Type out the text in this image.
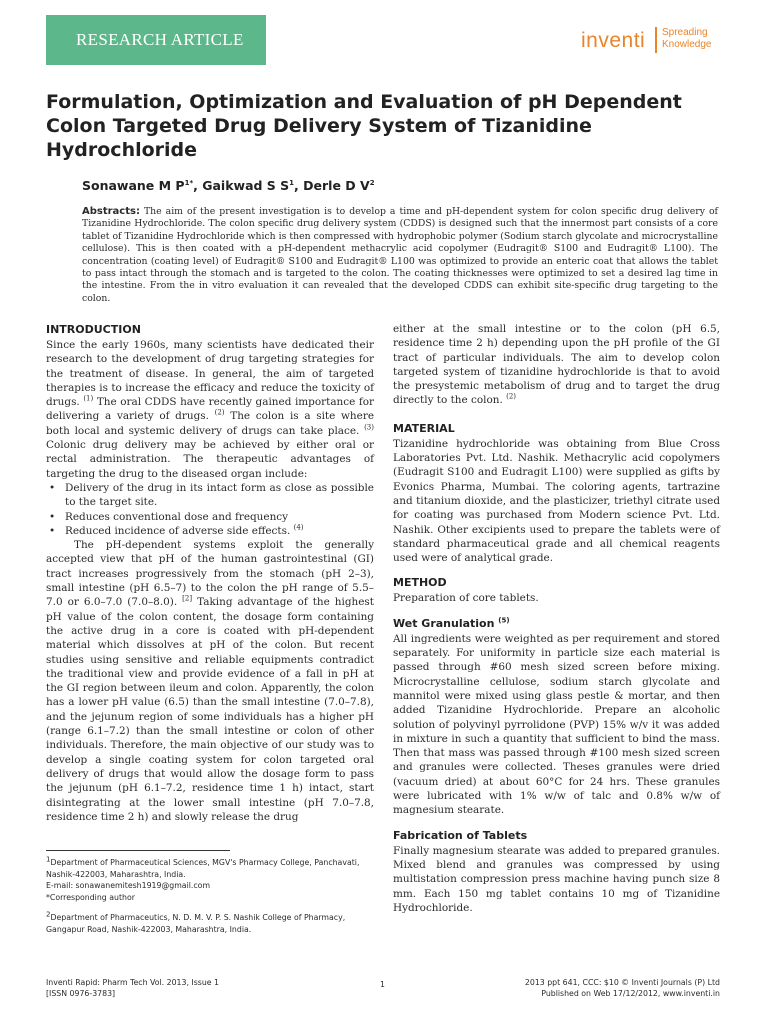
RESEARCH ARTICLE	inventi Spreading
Knowledge
Formulation, Optimization and Evaluation of pH Dependent Colon Targeted Drug Delivery System of Tizanidine Hydrochloride
Sonawane M $P^{1*}$, Gaikwad S $S^1$, Derle D $V^2$
Abstracts: The aim of the present investigation is to develop a time and pH-dependent system for colon specific drug delivery of Tizanidine Hydrochloride. The colon specific drug delivery system (CDDS) is designed such that the innermost part consists of a core tablet of Tizanidine Hydrochloride which is then compressed with hydrophobic polymer (Sodium starch glycolate and microcrystalline cellulose). This is then coated with a pH-dependent methacrylic acid copolymer (Eudragit® S100 and Eudragit® L100). The concentration (coating level) of Eudragit® S100 and Eudragit® L100 was optimized to provide an enteric coat that allows the tablet to pass intact through the stomach and is targeted to the colon. The coating thicknesses were optimized to set a desired lag time in the intestine. From the in vitro evaluation it can revealed that the developed CDDS can exhibit site-specific drug targeting to the colon.
INTRODUCTION

Since the early 1960s, many scientists have dedicated their research to the development of drug targeting strategies for the treatment of disease. In general, the aim of targeted therapies is to increase the efficacy and reduce the toxicity of drugs. $^{(1)}$ The oral CDDS have recently gained importance for delivering a variety of drugs. $^{(2)}$ The colon is a site where both local and systemic delivery of drugs can take place. $^{(3)}$ Colonic drug delivery may be achieved by either oral or rectal administration. The therapeutic advantages of targeting the drug to the diseased organ include:

• Delivery of the drug in its intact form as close as possible to the target site.
• Reduces conventional dose and frequency
• Reduced incidence of adverse side effects. $^{(4)}$

The pH-dependent systems exploit the generally accepted view that pH of the human gastrointestinal (GI) tract increases progressively from the stomach (pH 2–3), small intestine (pH 6.5–7) to the colon the pH range of 5.5–7.0 or 6.0–7.0 (7.0–8.0). [2] Taking advantage of the highest pH value of the colon content, the dosage form containing the active drug in a core is coated with pH-dependent material which dissolves at pH of the colon. But recent studies using sensitive and reliable equipments contradict the traditional view and provide evidence of a fall in pH at the GI region between ileum and colon. Apparently, the colon has a lower pH value (6.5) than the small intestine (7.0–7.8), and the jejunum region of some individuals has a higher pH (range 6.1–7.2) than the small intestine or colon of other individuals. Therefore, the main objective of our study was to develop a single coating system for colon targeted oral delivery of drugs that would allow the dosage form to pass the jejunum (pH 6.1–7.2, residence time 1 h) intact, start disintegrating at the lower small intestine (pH 7.0–7.8, residence time 2 h) and slowly release the drug

either at the small intestine or to the colon (pH 6.5, residence time 2 h) depending upon the pH profile of the GI tract of particular individuals. The aim to develop colon targeted system of tizanidine hydrochloride is that to avoid the presystemic metabolism of drug and to target the drug directly to the colon. $^{(2)}$

MATERIAL

Tizanidine hydrochloride was obtaining from Blue Cross Laboratories Pvt. Ltd. Nashik. Methacrylic acid copolymers (Eudragit S100 and Eudragit L100) were supplied as gifts by Evonics Pharma, Mumbai. The coloring agents, tartrazine and titanium dioxide, and the plasticizer, triethyl citrate used for coating was purchased from Modern science Pvt. Ltd. Nashik. Other excipients used to prepare the tablets were of standard pharmaceutical grade and all chemical reagents used were of analytical grade.

METHOD

Preparation of core tablets.

Wet Granulation $^{(5)}$

All ingredients were weighted as per requirement and stored separately. For uniformity in particle size each material is passed through #60 mesh sized screen before mixing. Microcrystalline cellulose, sodium starch glycolate and mannitol were mixed using glass pestle & mortar, and then added Tizanidine Hydrochloride. Prepare an alcoholic solution of polyvinyl pyrrolidone (PVP) 15% w/v it was added in mixture in such a quantity that sufficient to bind the mass. Then that mass was passed through #100 mesh sized screen and granules were collected. Theses granules were dried (vacuum dried) at about 60°C for 24 hrs. These granules were lubricated with 1% w/w of talc and 0.8% w/w of magnesium stearate.

Fabrication of Tablets

Finally magnesium stearate was added to prepared granules. Mixed blend and granules was compressed by using multistation compression press machine having punch size 8 mm. Each 150 mg tablet contains 10 mg of Tizanidine Hydrochloride.

$^1$Department of Pharmaceutical Sciences, MGV's Pharmacy College, Panchavati, Nashik-422003, Maharashtra, India.
E-mail: sonawanemitesh1919@gmail.com
*Corresponding author
$^2$Department of Pharmaceutics, N. D. M. V. P. S. Nashik College of Pharmacy, Gangapur Road, Nashik-422003, Maharashtra, India.
Inventi Rapid: Pharm Tech Vol. 2013, Issue 1
[ISSN 0976-3783]
1	2013 ppt 641, CCC: $10 © Inventi Journals (P) Ltd
Published on Web 17/12/2012, www.inventi.in
